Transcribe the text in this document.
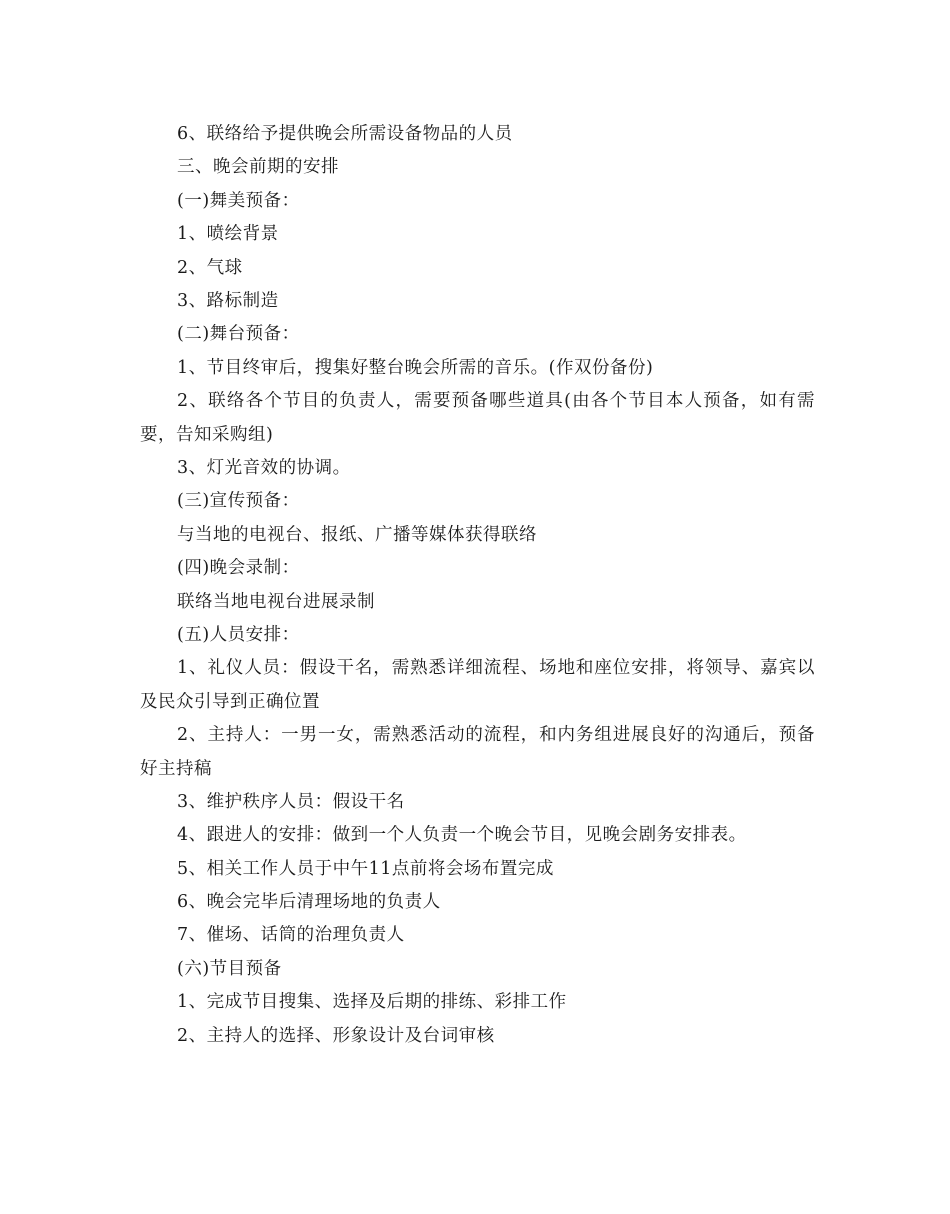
6、联络给予提供晚会所需设备物品的人员
三、晚会前期的安排
(一)舞美预备：
1、喷绘背景
2、气球
3、路标制造
(二)舞台预备：
1、节目终审后，搜集好整台晚会所需的音乐。(作双份备份)
2、联络各个节目的负责人，需要预备哪些道具(由各个节目本人预备，如有需要，告知采购组)
3、灯光音效的协调。
(三)宣传预备：
与当地的电视台、报纸、广播等媒体获得联络
(四)晚会录制：
联络当地电视台进展录制
(五)人员安排：
1、礼仪人员：假设干名，需熟悉详细流程、场地和座位安排，将领导、嘉宾以及民众引导到正确位置
2、主持人：一男一女，需熟悉活动的流程，和内务组进展良好的沟通后，预备好主持稿
3、维护秩序人员：假设干名
4、跟进人的安排：做到一个人负责一个晚会节目，见晚会剧务安排表。
5、相关工作人员于中午11点前将会场布置完成
6、晚会完毕后清理场地的负责人
7、催场、话筒的治理负责人
(六)节目预备
1、完成节目搜集、选择及后期的排练、彩排工作
2、主持人的选择、形象设计及台词审核
